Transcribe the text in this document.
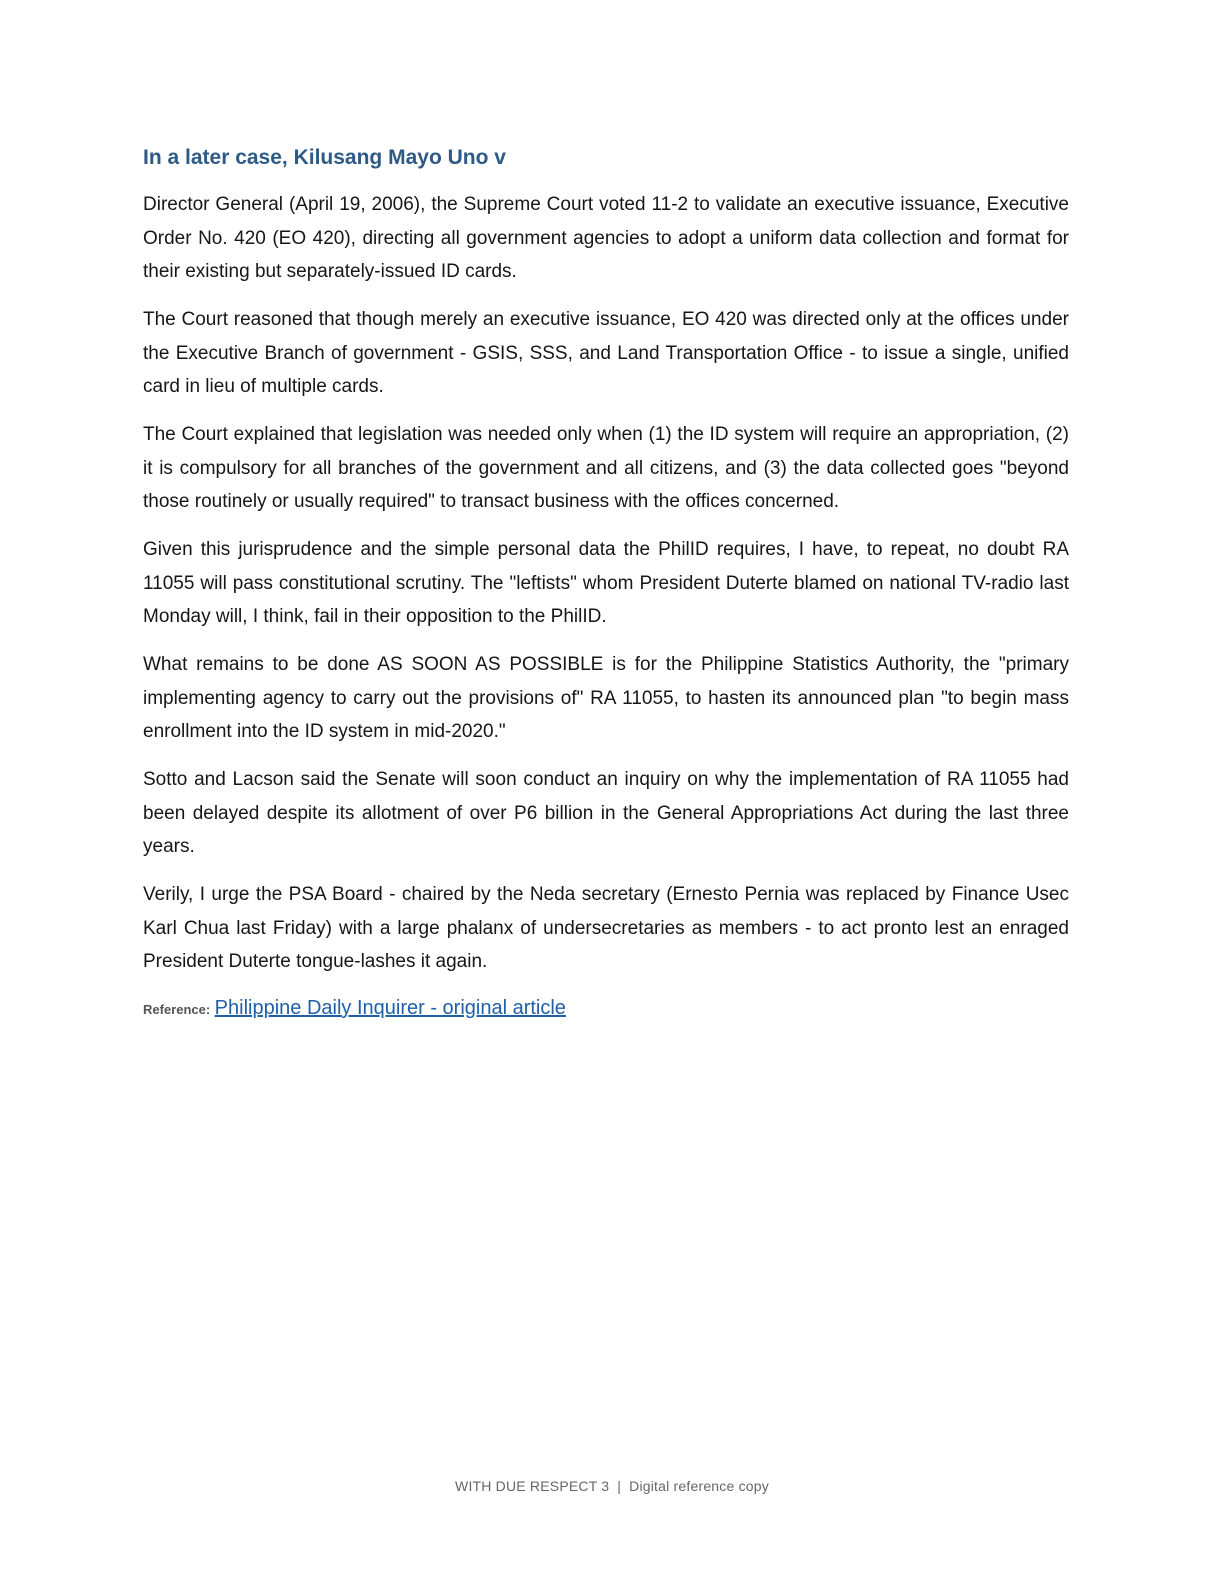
In a later case, Kilusang Mayo Uno v

Director General (April 19, 2006), the Supreme Court voted 11-2 to validate an executive issuance, Executive Order No. 420 (EO 420), directing all government agencies to adopt a uniform data collection and format for their existing but separately-issued ID cards.

The Court reasoned that though merely an executive issuance, EO 420 was directed only at the offices under the Executive Branch of government - GSIS, SSS, and Land Transportation Office - to issue a single, unified card in lieu of multiple cards.

The Court explained that legislation was needed only when (1) the ID system will require an appropriation, (2) it is compulsory for all branches of the government and all citizens, and (3) the data collected goes "beyond those routinely or usually required" to transact business with the offices concerned.

Given this jurisprudence and the simple personal data the PhilID requires, I have, to repeat, no doubt RA 11055 will pass constitutional scrutiny. The "leftists" whom President Duterte blamed on national TV-radio last Monday will, I think, fail in their opposition to the PhilID.

What remains to be done AS SOON AS POSSIBLE is for the Philippine Statistics Authority, the "primary implementing agency to carry out the provisions of" RA 11055, to hasten its announced plan "to begin mass enrollment into the ID system in mid-2020."

Sotto and Lacson said the Senate will soon conduct an inquiry on why the implementation of RA 11055 had been delayed despite its allotment of over P6 billion in the General Appropriations Act during the last three years.

Verily, I urge the PSA Board - chaired by the Neda secretary (Ernesto Pernia was replaced by Finance Usec Karl Chua last Friday) with a large phalanx of undersecretaries as members - to act pronto lest an enraged President Duterte tongue-lashes it again.

Reference: Philippine Daily Inquirer - original article
WITH DUE RESPECT 3 | Digital reference copy
